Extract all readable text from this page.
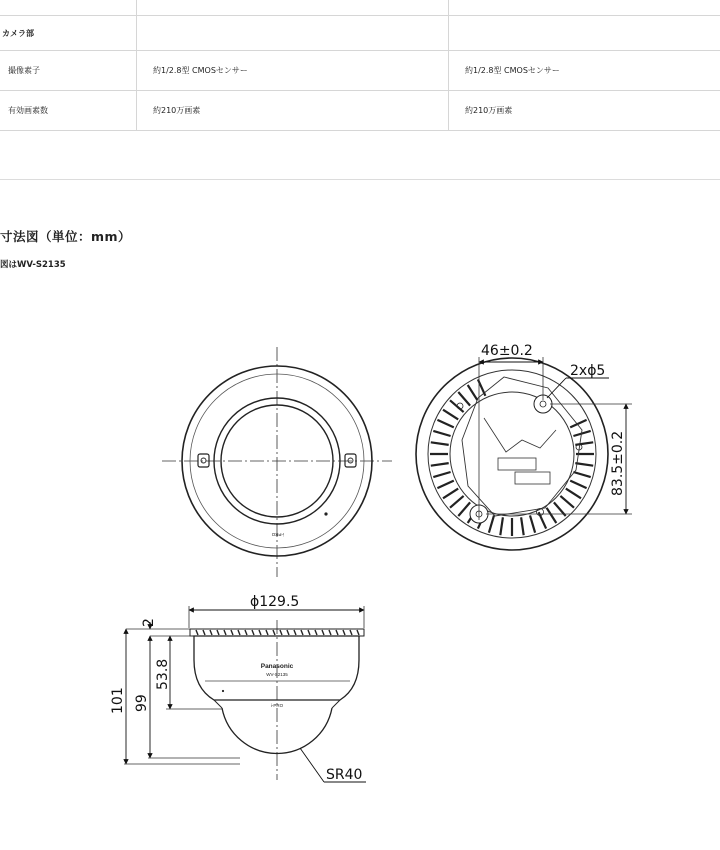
カメラ部		
撮像素子	約1/2.8型 CMOSセンサー	約1/2.8型 CMOSセンサー
有効画素数	約210万画素	約210万画素
寸法図（単位：mm）
図はWV-S2135
i-PRO
46±0.2
2xϕ5
83.5±0.2
ϕ129.5
Panasonic
WV-S2135
i-PRO
2
53.8
99
101
SR40
